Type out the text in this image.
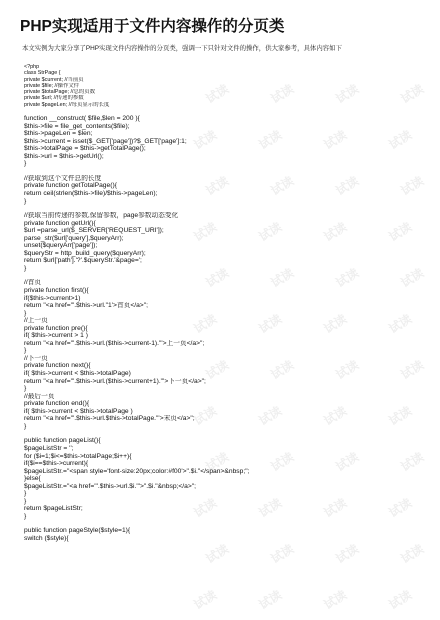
试读	试读	试读	试读
试读	试读	试读	试读
试读	试读	试读	试读
试读	试读	试读	试读
试读	试读	试读	试读
试读	试读	试读	试读
试读	试读	试读	试读
试读	试读	试读	试读
试读	试读	试读	试读
试读	试读	试读	试读
试读	试读	试读	试读
试读	试读	试读	试读
PHP实现适用于文件内容操作的分页类
本文实例为大家分享了PHP实现文件内容操作的分页类，强调一下只针对文件的操作，供大家参考，具体内容如下
<?php
class StrPage {
private $current; //当前页
private $file; //操作文件
private $totalPage; //总的页数
private $url; //传递的参数
private $pageLen; //每页显示的长度
function __construct( $file,$len = 200 ){
$this->file = file_get_contents($file);
$this->pageLen = $len;
$this->current = isset($_GET['page'])?$_GET['page']:1;
$this->totalPage = $this->getTotalPage();
$this->url = $this->getUrl();
}
//获取到这个文件总的长度
private function getTotalPage(){
return ceil(strlen($this->file)/$this->pageLen);
}
//获取当前传递的参数,保留参数，page参数动态变化
private function getUrl(){
$url =parse_url($_SERVER['REQUEST_URI']);
parse_str($url['query'],$queryArr);
unset($queryArr['page']);
$queryStr = http_build_query($queryArr);
return $url['path'].'?'.$queryStr.'&page=';
}
//首页
private function first(){
if($this->current>1)
return "<a href='".$this->url."1'>首页</a>";
}
//上一页
private function pre(){
if( $this->current > 1 )
return "<a href='".$this->url.($this->current-1)."'>上一页</a>";
}
//下一页
private function next(){
if( $this->current < $this->totalPage)
return "<a href='".$this->url.($this->current+1)."'>下一页</a>";
}
//最后一页
private function end(){
if( $this->current < $this->totalPage )
return "<a href='".$this->url.$this->totalPage."'>末页</a>";
}
public function pageList(){
$pageListStr = '';
for ($i=1;$i<=$this->totalPage;$i++){
if($i==$this->current){
$pageListStr.="<span style='font-size:20px;color:#f00'>".$i."</span>&nbsp;";
}else{
$pageListStr.="<a href='".$this->url.$i."'>".$i."&nbsp;</a>";
}
}
return $pageListStr;
}
public function pageStyle($style=1){
switch ($style){
